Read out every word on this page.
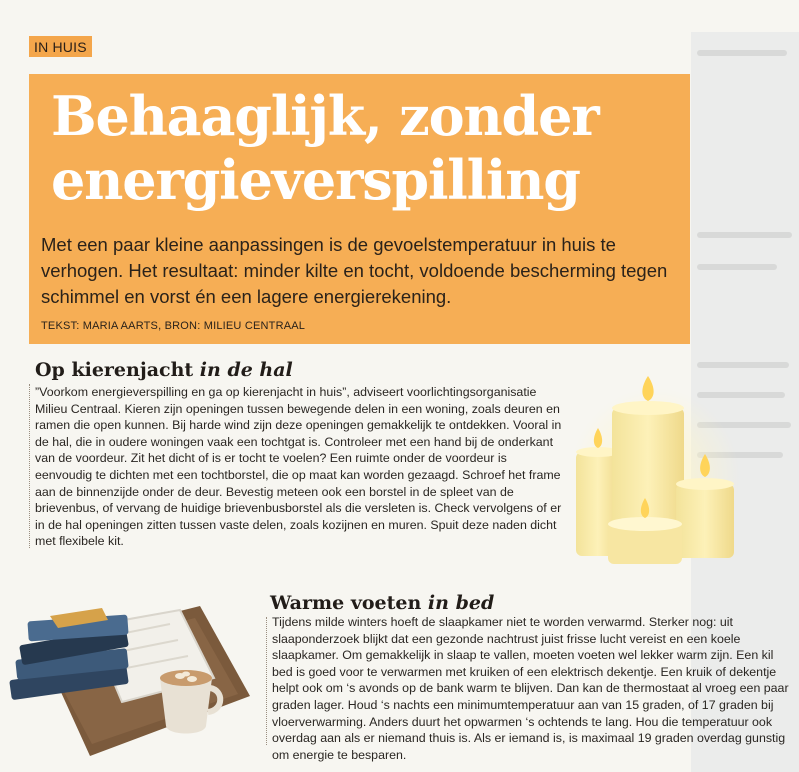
IN HUIS
Behaaglijk, zonder
energieverspilling
Met een paar kleine aanpassingen is de gevoelstemperatuur in huis te verhogen. Het resultaat: minder kilte en tocht, voldoende bescherming tegen schimmel en vorst én een lagere energierekening.
TEKST: MARIA AARTS, BRON: MILIEU CENTRAAL
Op kierenjacht in de hal
”Voorkom energieverspilling en ga op kierenjacht in huis”, adviseert voorlichtingsorganisatie Milieu Centraal. Kieren zijn openingen tussen bewegende delen in een woning, zoals deuren en ramen die open kunnen. Bij harde wind zijn deze openingen gemakkelijk te ontdekken. Vooral in de hal, die in oudere woningen vaak een tochtgat is. Controleer met een hand bij de onderkant van de voordeur. Zit het dicht of is er tocht te voelen? Een ruimte onder de voordeur is eenvoudig te dichten met een tochtborstel, die op maat kan worden gezaagd. Schroef het frame aan de binnenzijde onder de deur. Bevestig meteen ook een borstel in de spleet van de brievenbus, of vervang de huidige brievenbusborstel als die versleten is. Check vervolgens of er in de hal openingen zitten tussen vaste delen, zoals kozijnen en muren. Spuit deze naden dicht met flexibele kit.
Warme voeten in bed
Tijdens milde winters hoeft de slaapkamer niet te worden verwarmd. Sterker nog: uit slaaponderzoek blijkt dat een gezonde nachtrust juist frisse lucht vereist en een koele slaapkamer. Om gemakkelijk in slaap te vallen, moeten voeten wel lekker warm zijn. Een kil bed is goed voor te verwarmen met kruiken of een elektrisch dekentje. Een kruik of dekentje helpt ook om ‘s avonds op de bank warm te blijven. Dan kan de thermostaat al vroeg een paar graden lager. Houd ‘s nachts een minimumtemperatuur aan van 15 graden, of 17 graden bij vloerverwarming. Anders duurt het opwarmen ‘s ochtends te lang. Hou die temperatuur ook overdag aan als er niemand thuis is. Als er iemand is, is maximaal 19 graden overdag gunstig om energie te besparen.
